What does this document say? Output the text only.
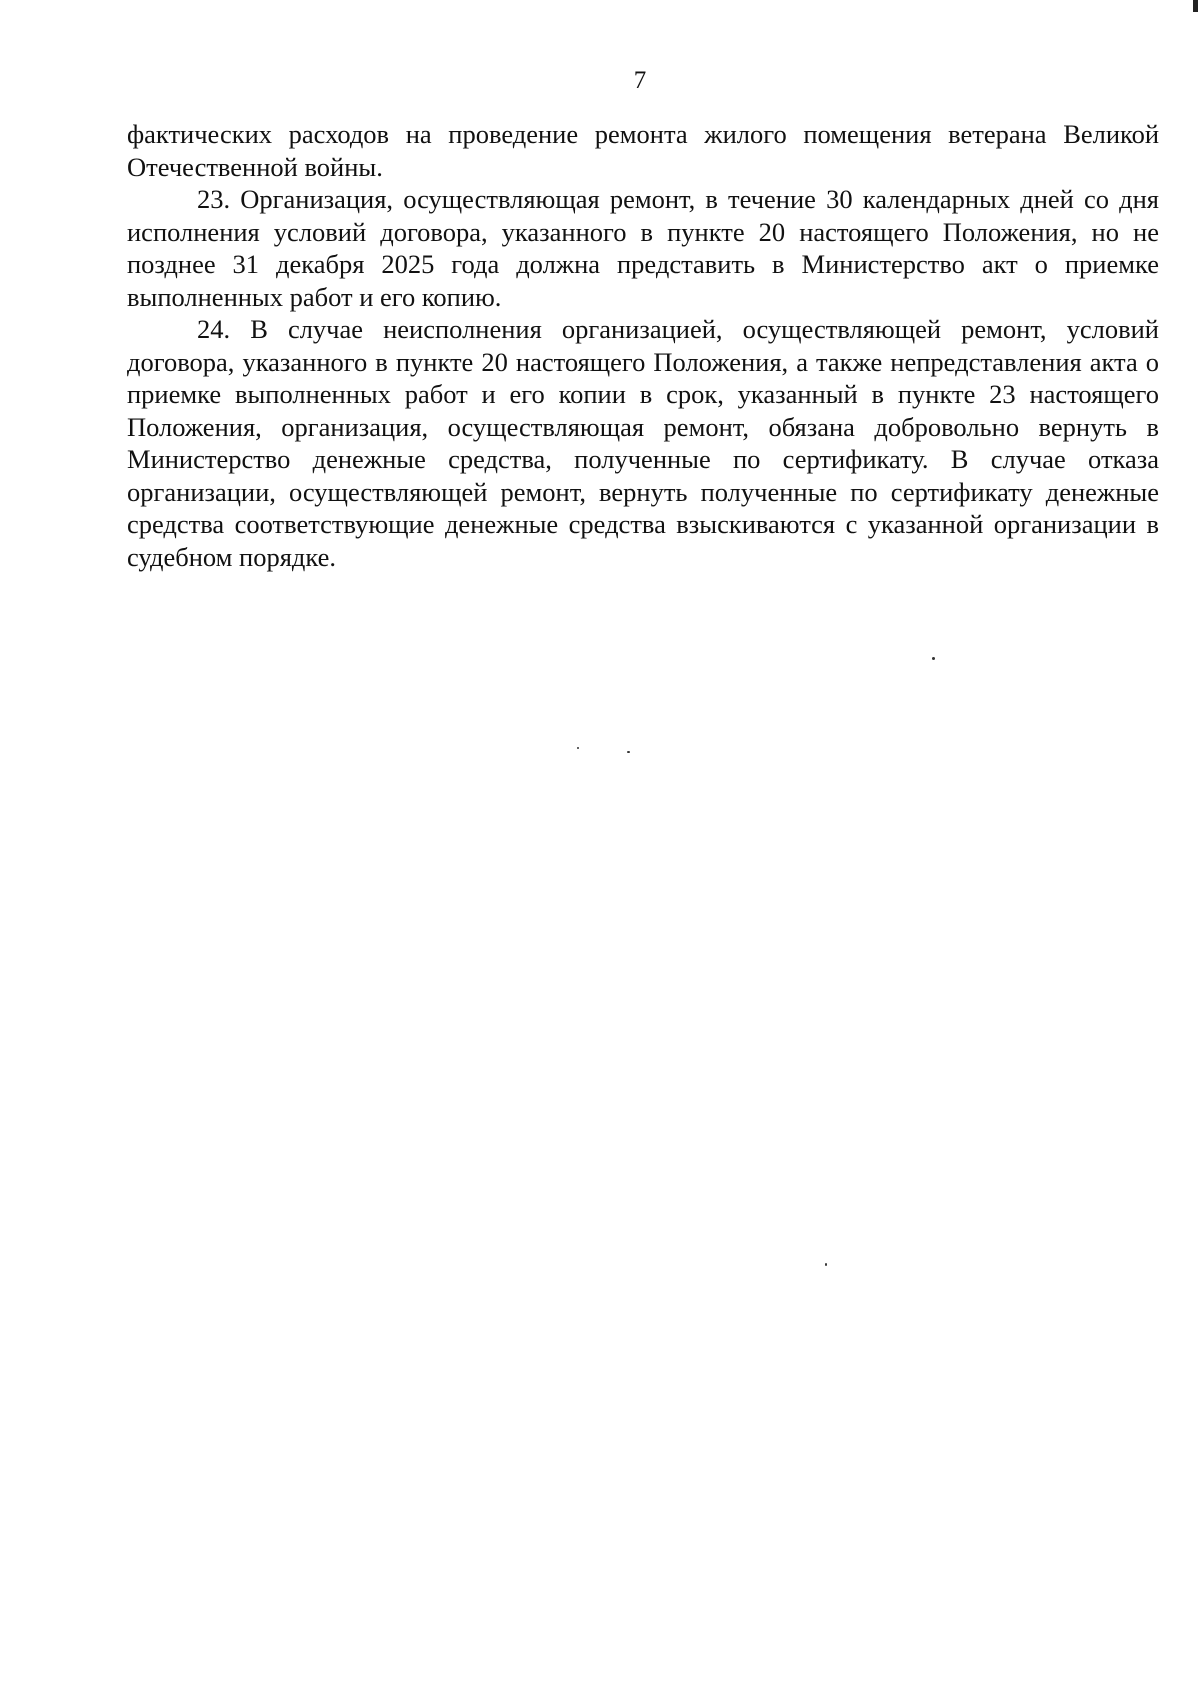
7

фактических расходов на проведение ремонта жилого помещения ветерана Великой Отечественной войны.

23. Организация, осуществляющая ремонт, в течение 30 календарных дней со дня исполнения условий договора, указанного в пункте 20 настоящего Положения, но не позднее 31 декабря 2025 года должна представить в Министерство акт о приемке выполненных работ и его копию.

24. В случае неисполнения организацией, осуществляющей ремонт, условий договора, указанного в пункте 20 настоящего Положения, а также непредставления акта о приемке выполненных работ и его копии в срок, указанный в пункте 23 настоящего Положения, организация, осуществляющая ремонт, обязана добровольно вернуть в Министерство денежные средства, полученные по сертификату. В случае отказа организации, осуществляющей ремонт, вернуть полученные по сертификату денежные средства соответствующие денежные средства взыскиваются с указанной организации в судебном порядке.
